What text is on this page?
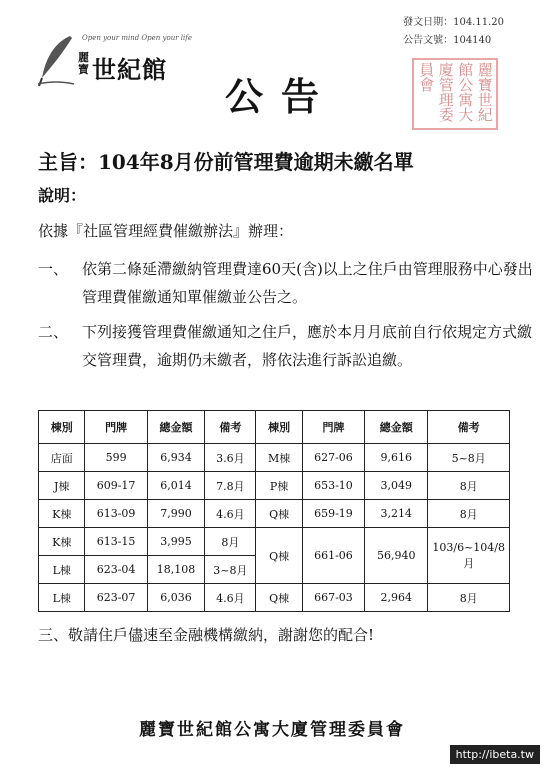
發文日期：104.11.20
公告文號：104140
Open your mind Open your life
麗寶 世紀館	麗寶世紀
館公寓大
廈管理委
員會
公告
主旨：104年8月份前管理費逾期未繳名單
說明：
依據『社區管理經費催繳辦法』辦理：
一、 依第二條延滯繳納管理費達60天(含)以上之住戶由管理服務中心發出管理費催繳通知單催繳並公告之。
二、 下列接獲管理費催繳通知之住戶，應於本月月底前自行依規定方式繳交管理費，逾期仍未繳者，將依法進行訴訟追繳。
棟別	門牌	總金額	備考	棟別	門牌	總金額	備考
店面	599	6,934	3.6月	M棟	627-06	9,616	5~8月
J棟	609-17	6,014	7.8月	P棟	653-10	3,049	8月
K棟	613-09	7,990	4.6月	Q棟	659-19	3,214	8月
K棟	613-15	3,995	8月	Q棟	661-06	56,940	103/6~104/8月
L棟	623-04	18,108	3~8月				
L棟	623-07	6,036	4.6月	Q棟	667-03	2,964	8月
三、敬請住戶儘速至金融機構繳納，謝謝您的配合!
麗寶世紀館公寓大廈管理委員會
http://ibeta.tw
